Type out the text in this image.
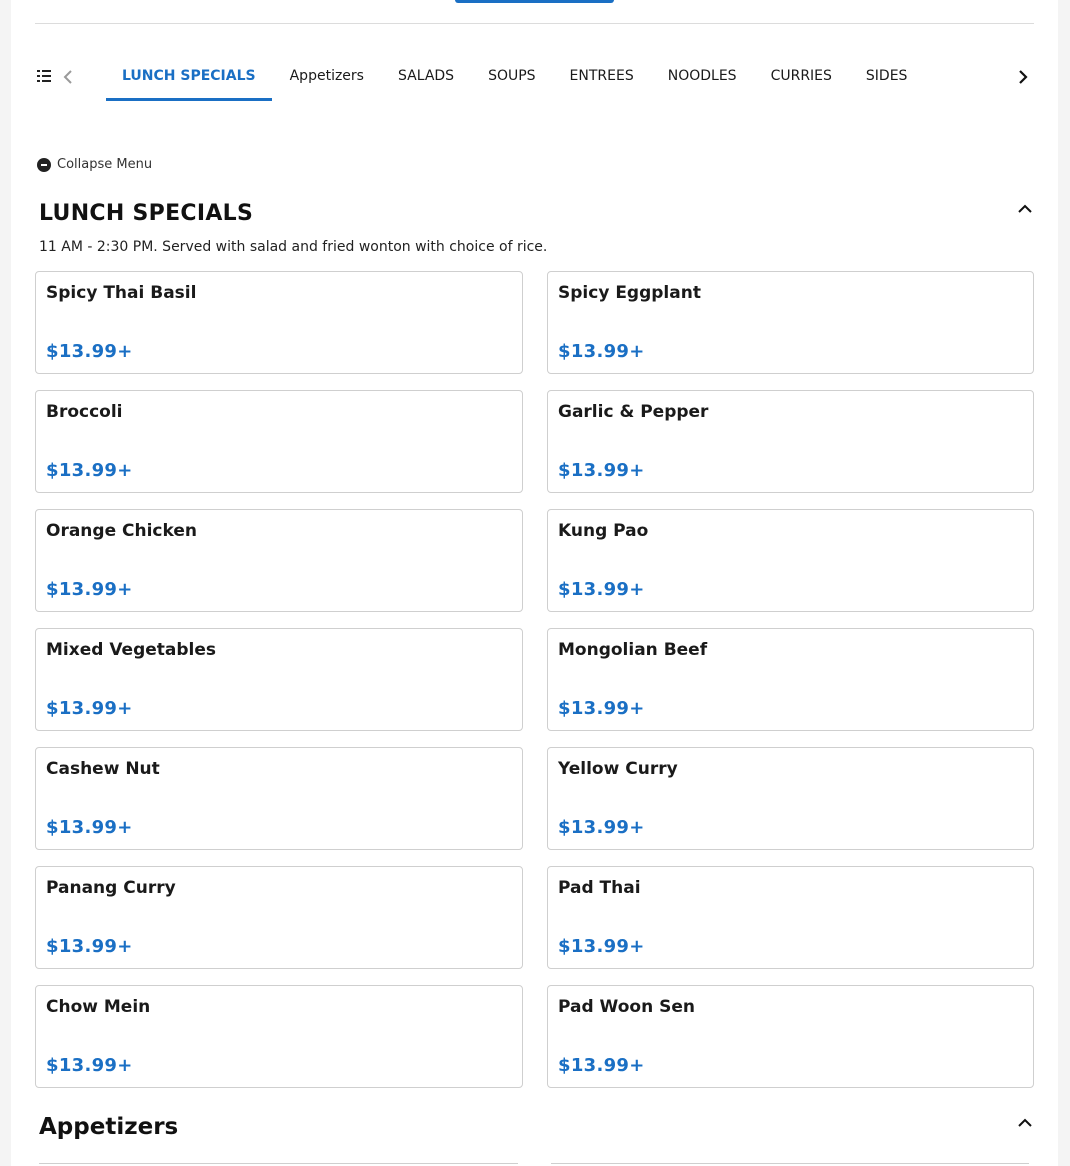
LUNCH SPECIALS	Appetizers	SALADS	SOUPS	ENTREES	NOODLES	CURRIES	SIDES
Collapse Menu
LUNCH SPECIALS

11 AM - 2:30 PM. Served with salad and fried wonton with choice of rice.

Spicy Thai Basil
$13.99+
Spicy Eggplant
$13.99+
Broccoli
$13.99+
Garlic & Pepper
$13.99+
Orange Chicken
$13.99+
Kung Pao
$13.99+
Mixed Vegetables
$13.99+
Mongolian Beef
$13.99+
Cashew Nut
$13.99+
Yellow Curry
$13.99+
Panang Curry
$13.99+
Pad Thai
$13.99+
Chow Mein
$13.99+
Pad Woon Sen
$13.99+
Appetizers
